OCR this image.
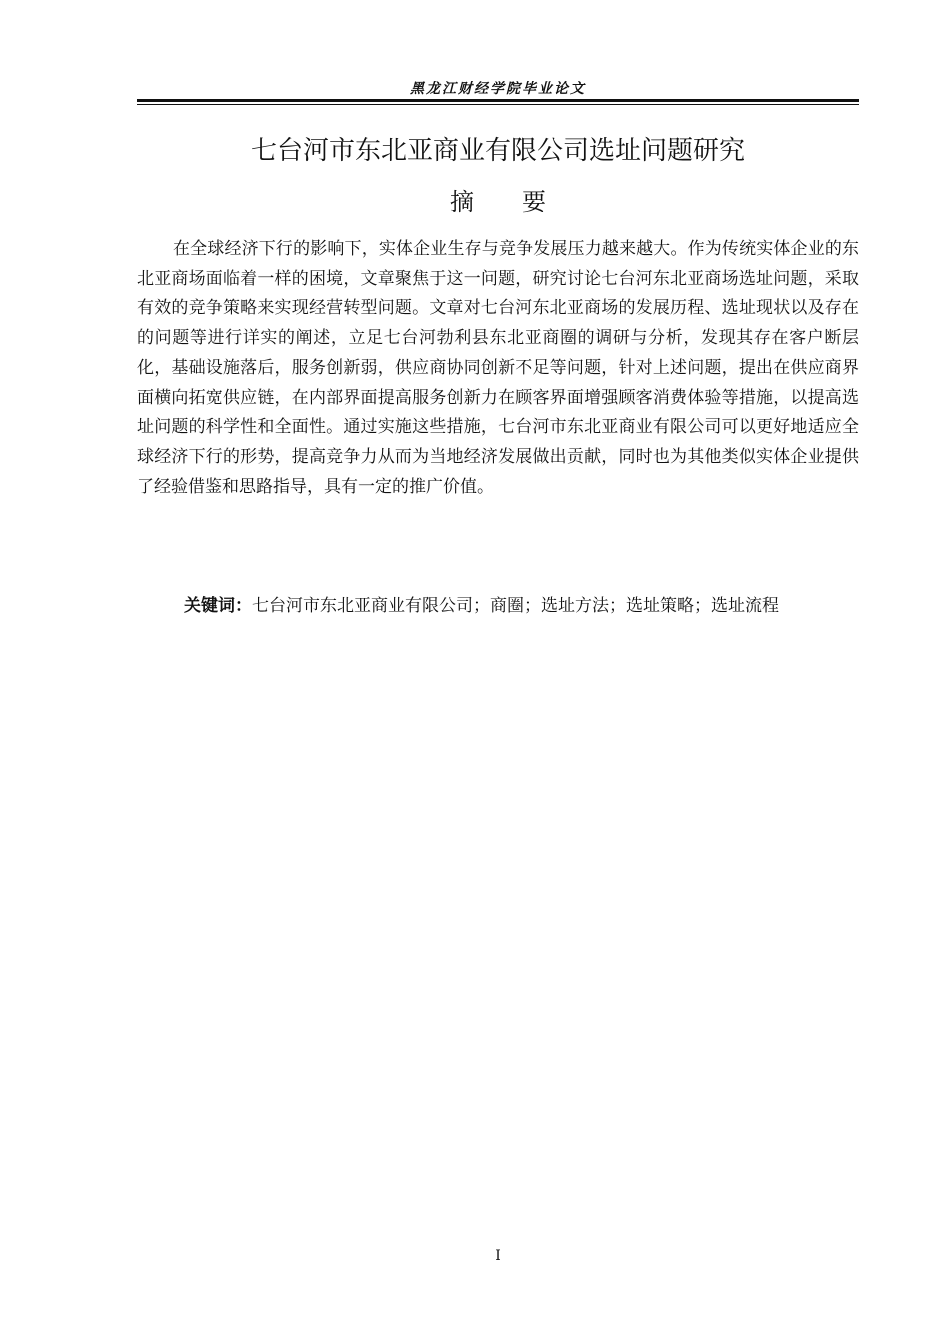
黑龙江财经学院毕业论文
七台河市东北亚商业有限公司选址问题研究
摘要

在全球经济下行的影响下，实体企业生存与竞争发展压力越来越大。作为传统实体企业的东北亚商场面临着一样的困境，文章聚焦于这一问题，研究讨论七台河东北亚商场选址问题，采取有效的竞争策略来实现经营转型问题。文章对七台河东北亚商场的发展历程、选址现状以及存在的问题等进行详实的阐述，立足七台河勃利县东北亚商圈的调研与分析，发现其存在客户断层化，基础设施落后，服务创新弱，供应商协同创新不足等问题，针对上述问题，提出在供应商界面横向拓宽供应链，在内部界面提高服务创新力在顾客界面增强顾客消费体验等措施，以提高选址问题的科学性和全面性。通过实施这些措施，七台河市东北亚商业有限公司可以更好地适应全球经济下行的形势，提高竞争力从而为当地经济发展做出贡献，同时也为其他类似实体企业提供了经验借鉴和思路指导，具有一定的推广价值。

关键词：七台河市东北亚商业有限公司；商圈；选址方法；选址策略；选址流程
I
